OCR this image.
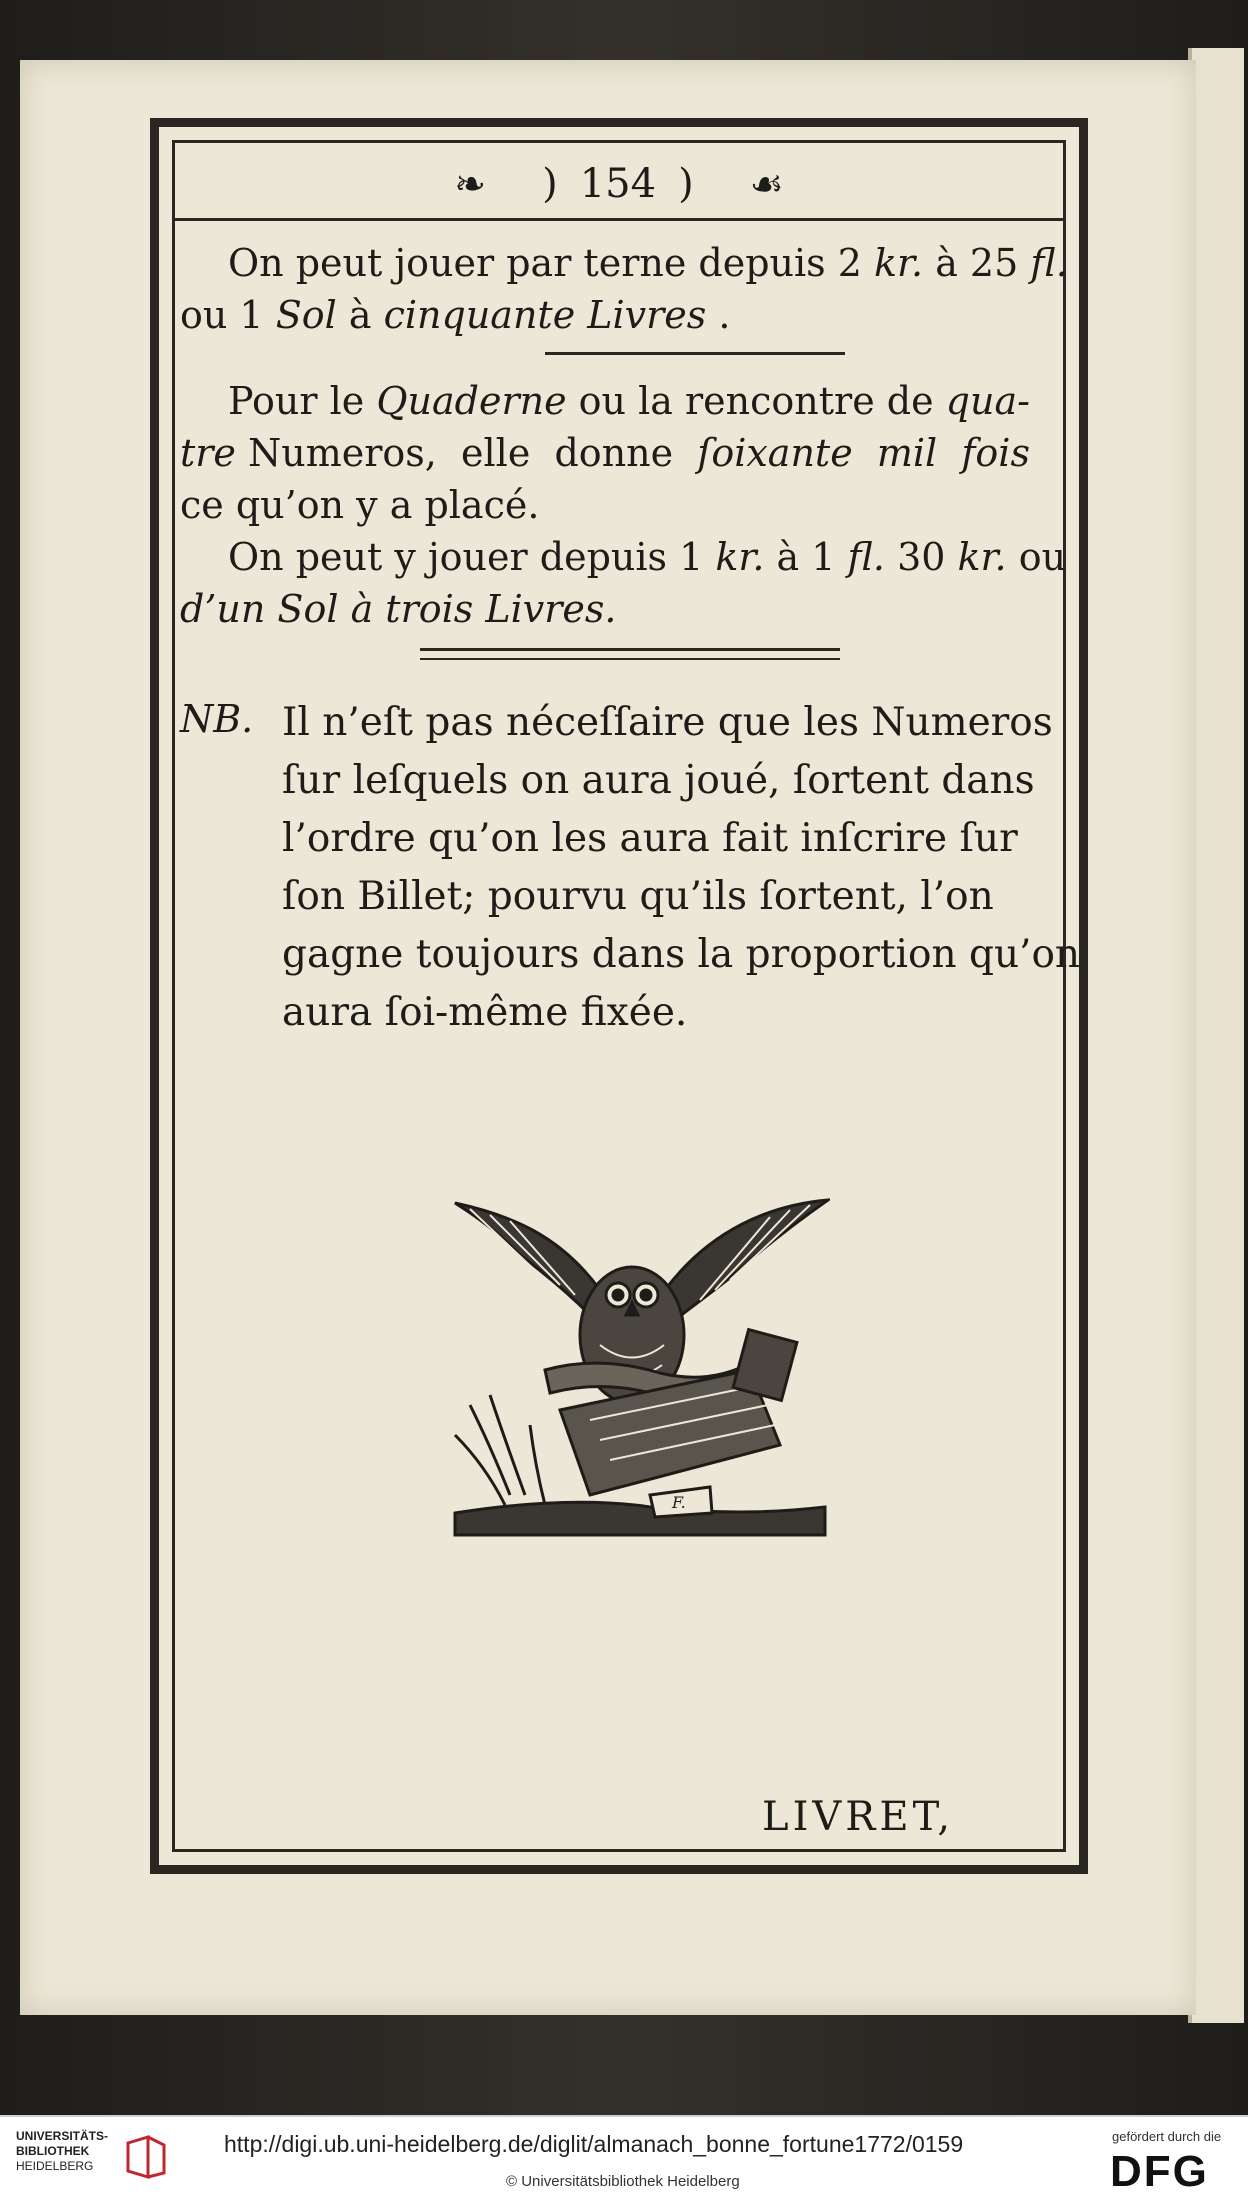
❧ ) 154 ) ☙
On peut jouer par terne depuis 2 kr. à 25 fl.
ou 1 Sol à cinquante Livres .
Pour le Quaderne ou la rencontre de qua-
tre Numeros,  elle  donne  ſoixante  mil  fois
ce qu’on y a placé.
On peut y jouer depuis 1 kr. à 1 fl. 30 kr. ou
d’un Sol à trois Livres.
NB. Il n’eſt pas néceſſaire que les Numeros
ſur leſquels on aura joué, ſortent dans
l’ordre qu’on les aura fait inſcrire ſur
ſon Billet; pourvu qu’ils ſortent, l’on
gagne toujours dans la proportion qu’on
aura ſoi-même fixée.
F.
LIVRET,
UNIVERSITÄTS-
BIBLIOTHEK
HEIDELBERG
http://digi.ub.uni-heidelberg.de/diglit/almanach_bonne_fortune1772/0159
© Universitätsbibliothek Heidelberg
gefördert durch die
DFG
